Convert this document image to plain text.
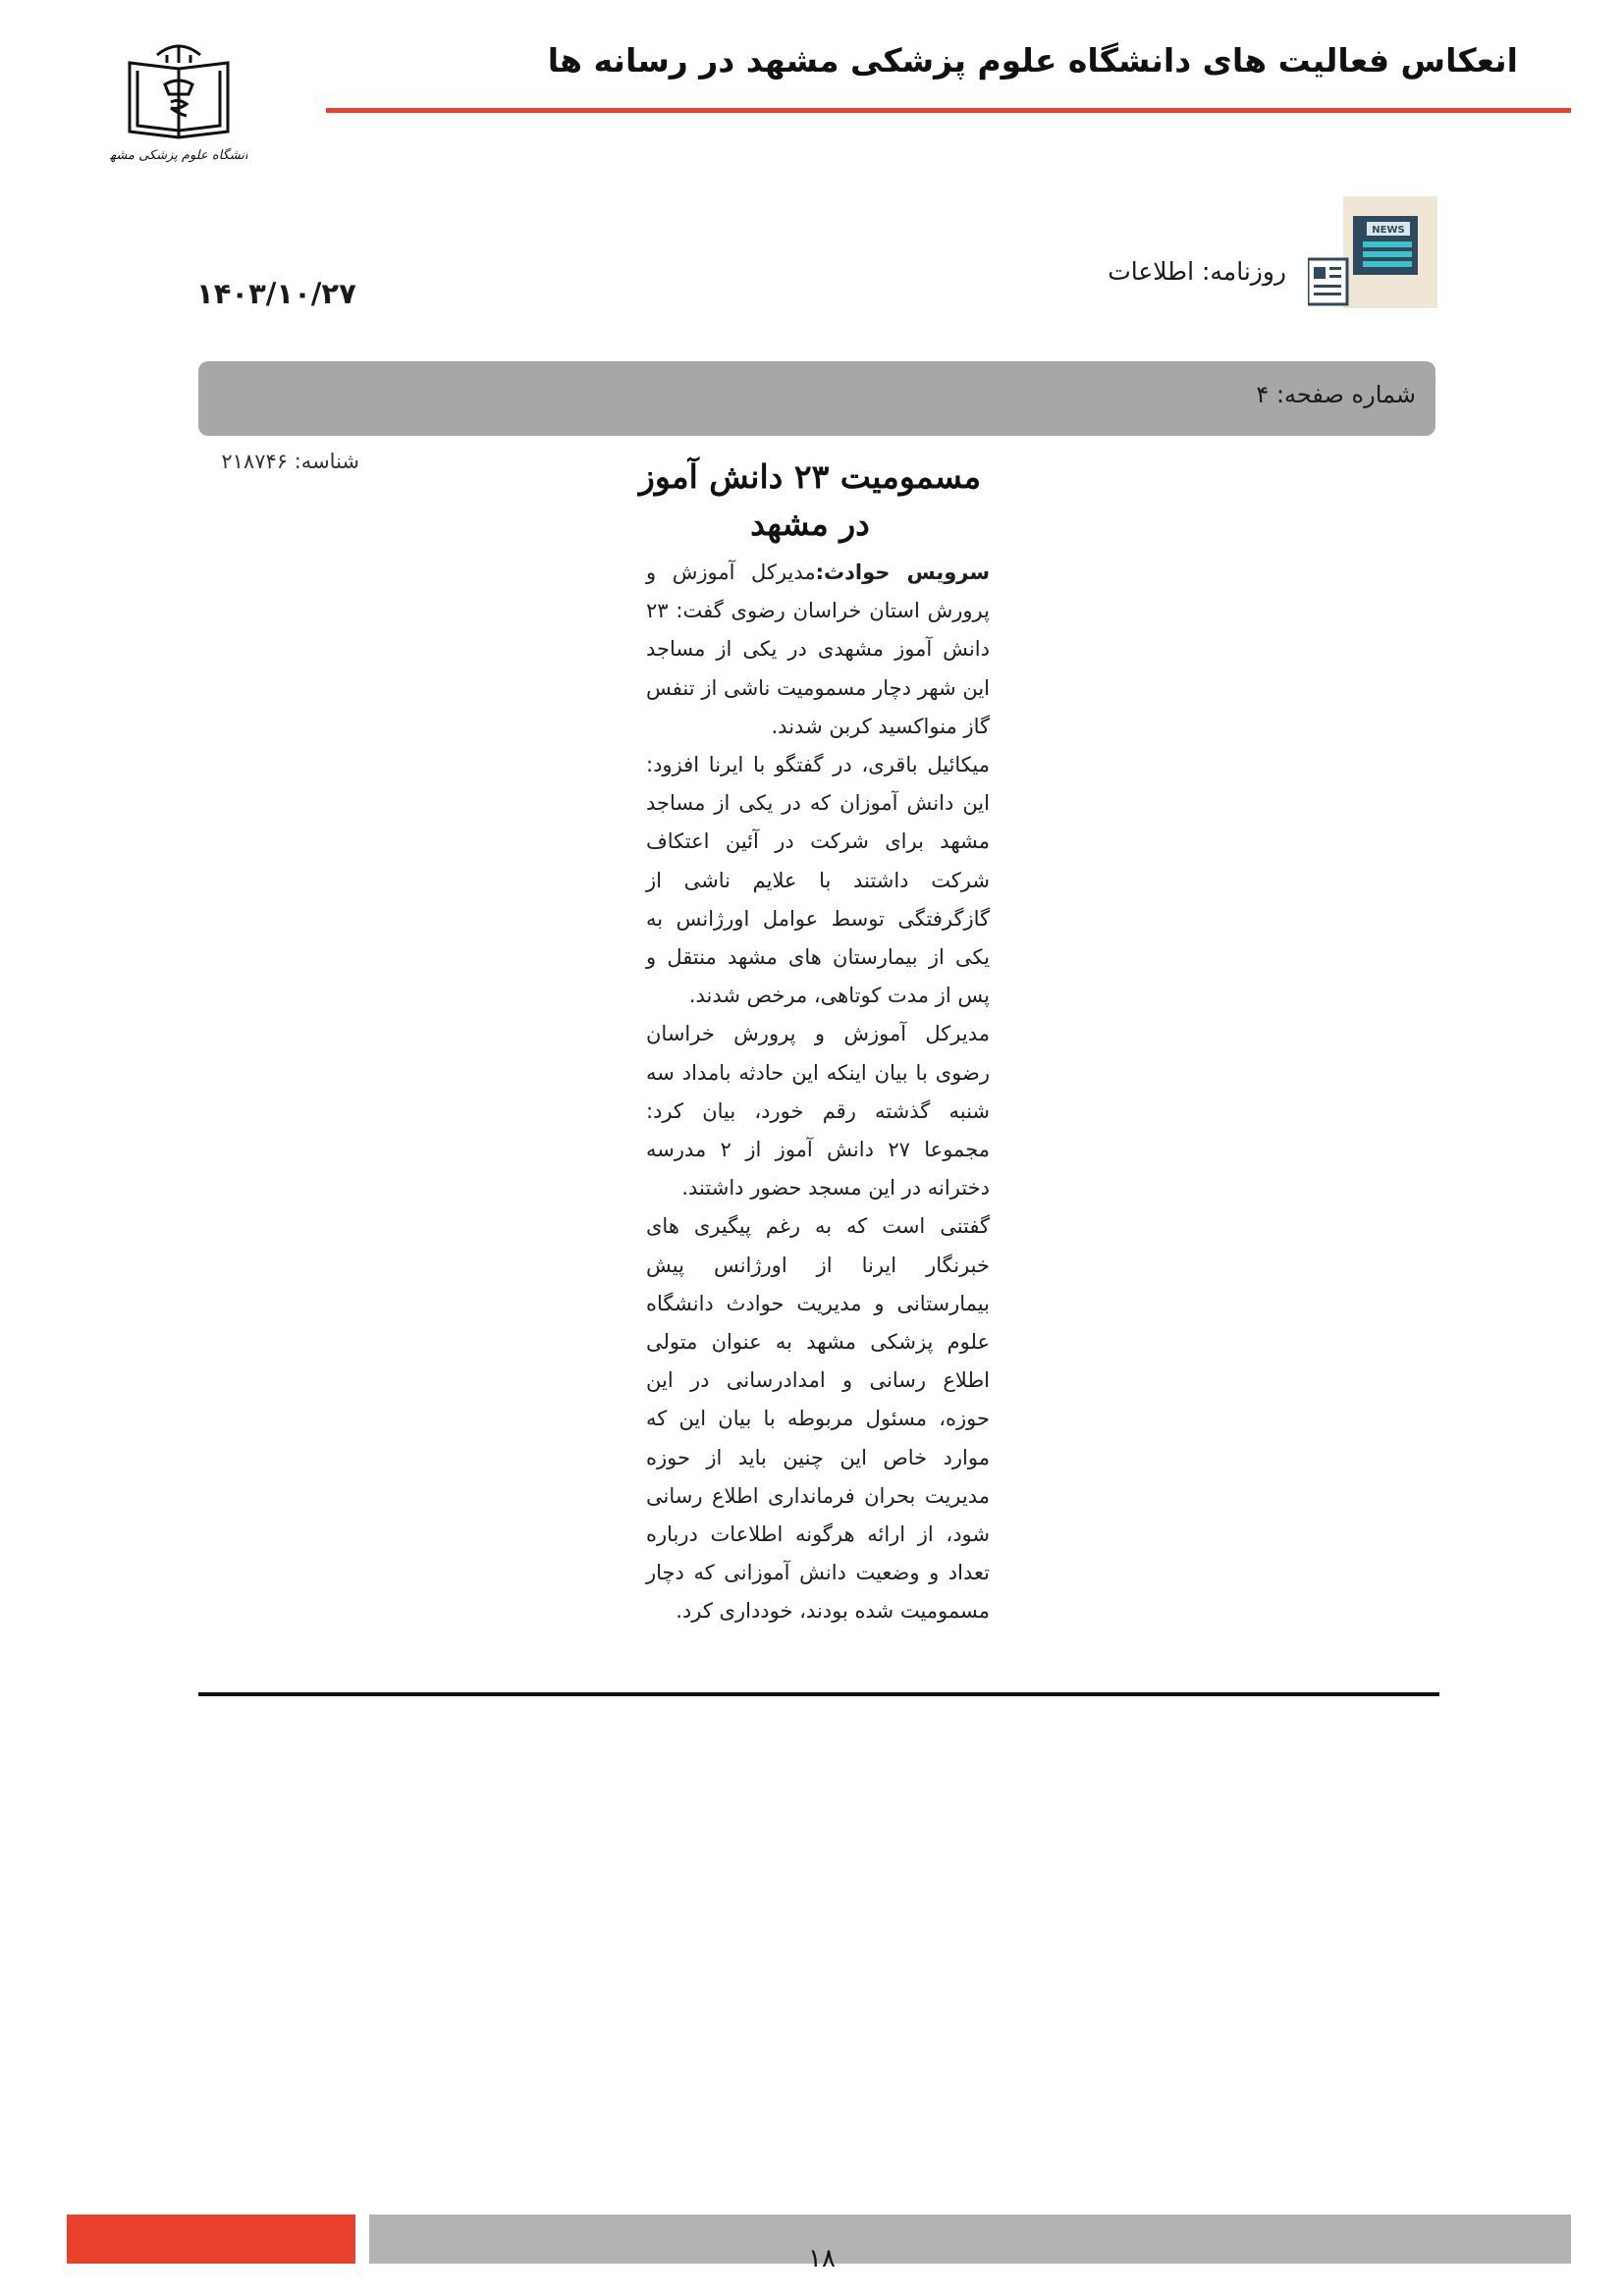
دانشگاه علوم پزشکی مشهد
انعکاس فعالیت های دانشگاه علوم پزشکی مشهد در رسانه ها
NEWS
روزنامه: اطلاعات
۱۴۰۳/۱۰/۲۷
شماره صفحه: ۴
شناسه: ۲۱۸۷۴۶	مسمومیت ۲۳ دانش آموز
در مشهد

سرویس حوادث:مدیرکل آموزش و پرورش استان خراسان رضوی گفت: ۲۳ دانش آموز مشهدی در یکی از مساجد این شهر دچار مسمومیت ناشی از تنفس گاز منواکسید کربن شدند.

میکائیل باقری، در گفتگو با ایرنا افزود: این دانش آموزان که در یکی از مساجد مشهد برای شرکت در آئین اعتکاف شرکت داشتند با علایم ناشی از گازگرفتگی توسط عوامل اورژانس به یکی از بیمارستان های مشهد منتقل و پس از مدت کوتاهی، مرخص شدند.

مدیرکل آموزش و پرورش خراسان رضوی با بیان اینکه این حادثه بامداد سه شنبه گذشته رقم خورد، بیان کرد: مجموعا ۲۷ دانش آموز از ۲ مدرسه دخترانه در این مسجد حضور داشتند.

گفتنی است که به رغم پیگیری های خبرنگار ایرنا از اورژانس پیش بیمارستانی و مدیریت حوادث دانشگاه علوم پزشکی مشهد به عنوان متولی اطلاع رسانی و امدادرسانی در این حوزه، مسئول مربوطه با بیان این که موارد خاص این چنین باید از حوزه مدیریت بحران فرمانداری اطلاع رسانی شود، از ارائه هرگونه اطلاعات درباره تعداد و وضعیت دانش آموزانی که دچار مسمومیت شده بودند، خودداری کرد.

۱۸
